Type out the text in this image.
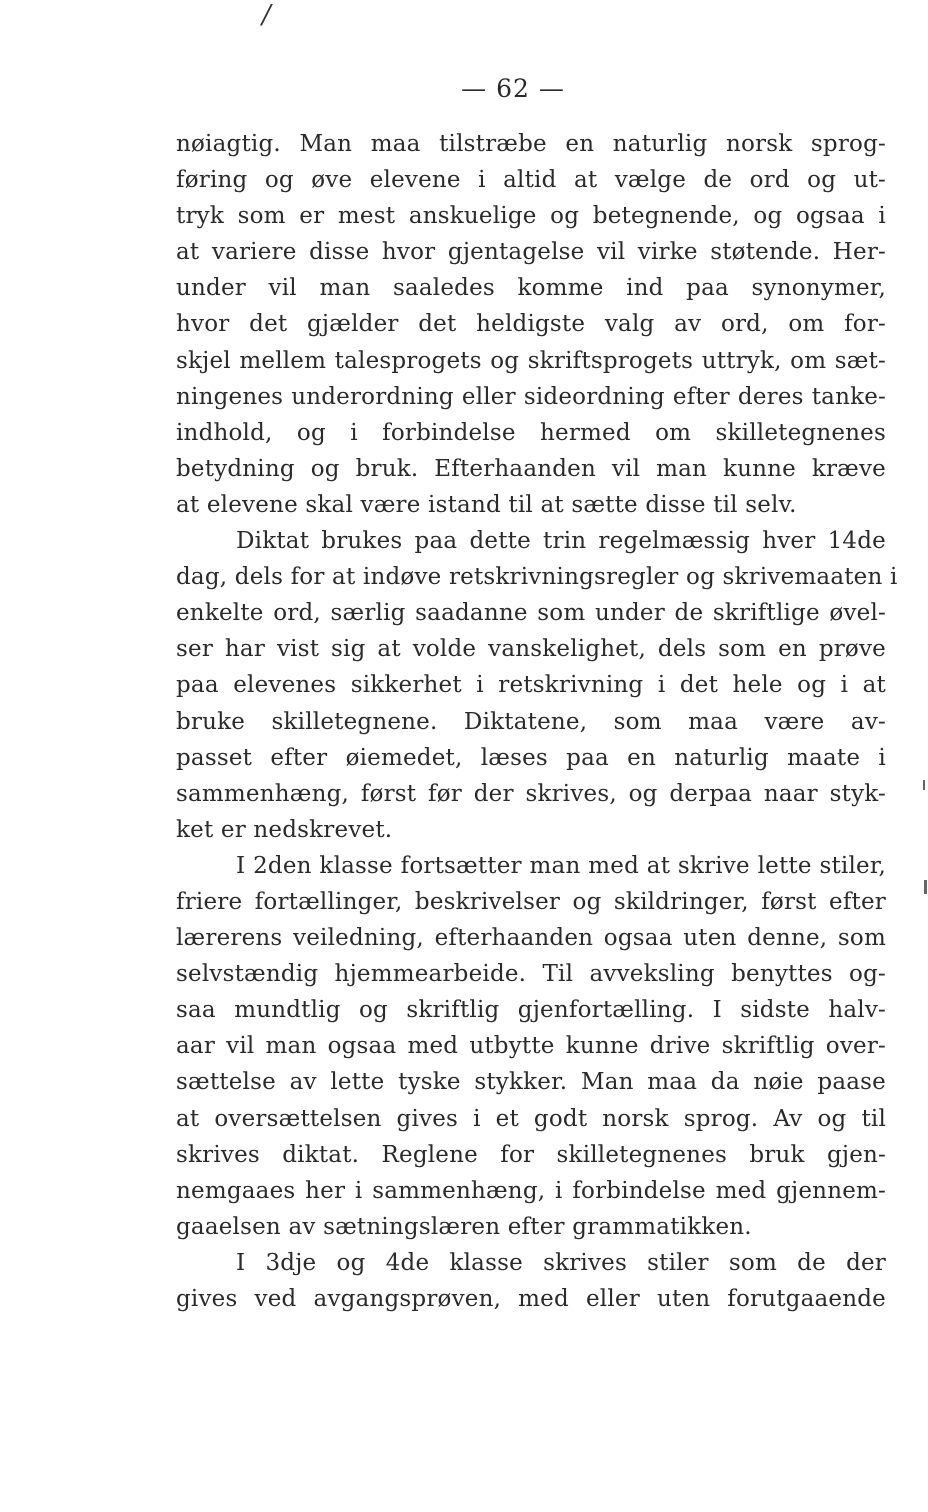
/
— 62 —
nøiagtig. Man maa tilstræbe en naturlig norsk sprog-
føring og øve elevene i altid at vælge de ord og ut-
tryk som er mest anskuelige og betegnende, og ogsaa i
at variere disse hvor gjentagelse vil virke støtende. Her-
under vil man saaledes komme ind paa synonymer,
hvor det gjælder det heldigste valg av ord, om for-
skjel mellem talesprogets og skriftsprogets uttryk, om sæt-
ningenes underordning eller sideordning efter deres tanke-
indhold, og i forbindelse hermed om skilletegnenes
betydning og bruk. Efterhaanden vil man kunne kræve
at elevene skal være istand til at sætte disse til selv.
Diktat brukes paa dette trin regelmæssig hver 14de
dag, dels for at indøve retskrivningsregler og skrivemaaten i
enkelte ord, særlig saadanne som under de skriftlige øvel-
ser har vist sig at volde vanskelighet, dels som en prøve
paa elevenes sikkerhet i retskrivning i det hele og i at
bruke skilletegnene. Diktatene, som maa være av-
passet efter øiemedet, læses paa en naturlig maate i
sammenhæng, først før der skrives, og derpaa naar styk-
ket er nedskrevet.
I 2den klasse fortsætter man med at skrive lette stiler,
friere fortællinger, beskrivelser og skildringer, først efter
lærerens veiledning, efterhaanden ogsaa uten denne, som
selvstændig hjemmearbeide. Til avveksling benyttes og-
saa mundtlig og skriftlig gjenfortælling. I sidste halv-
aar vil man ogsaa med utbytte kunne drive skriftlig over-
sættelse av lette tyske stykker. Man maa da nøie paase
at oversættelsen gives i et godt norsk sprog. Av og til
skrives diktat. Reglene for skilletegnenes bruk gjen-
nemgaaes her i sammenhæng, i forbindelse med gjennem-
gaaelsen av sætningslæren efter grammatikken.
I 3dje og 4de klasse skrives stiler som de der
gives ved avgangsprøven, med eller uten forutgaaende
